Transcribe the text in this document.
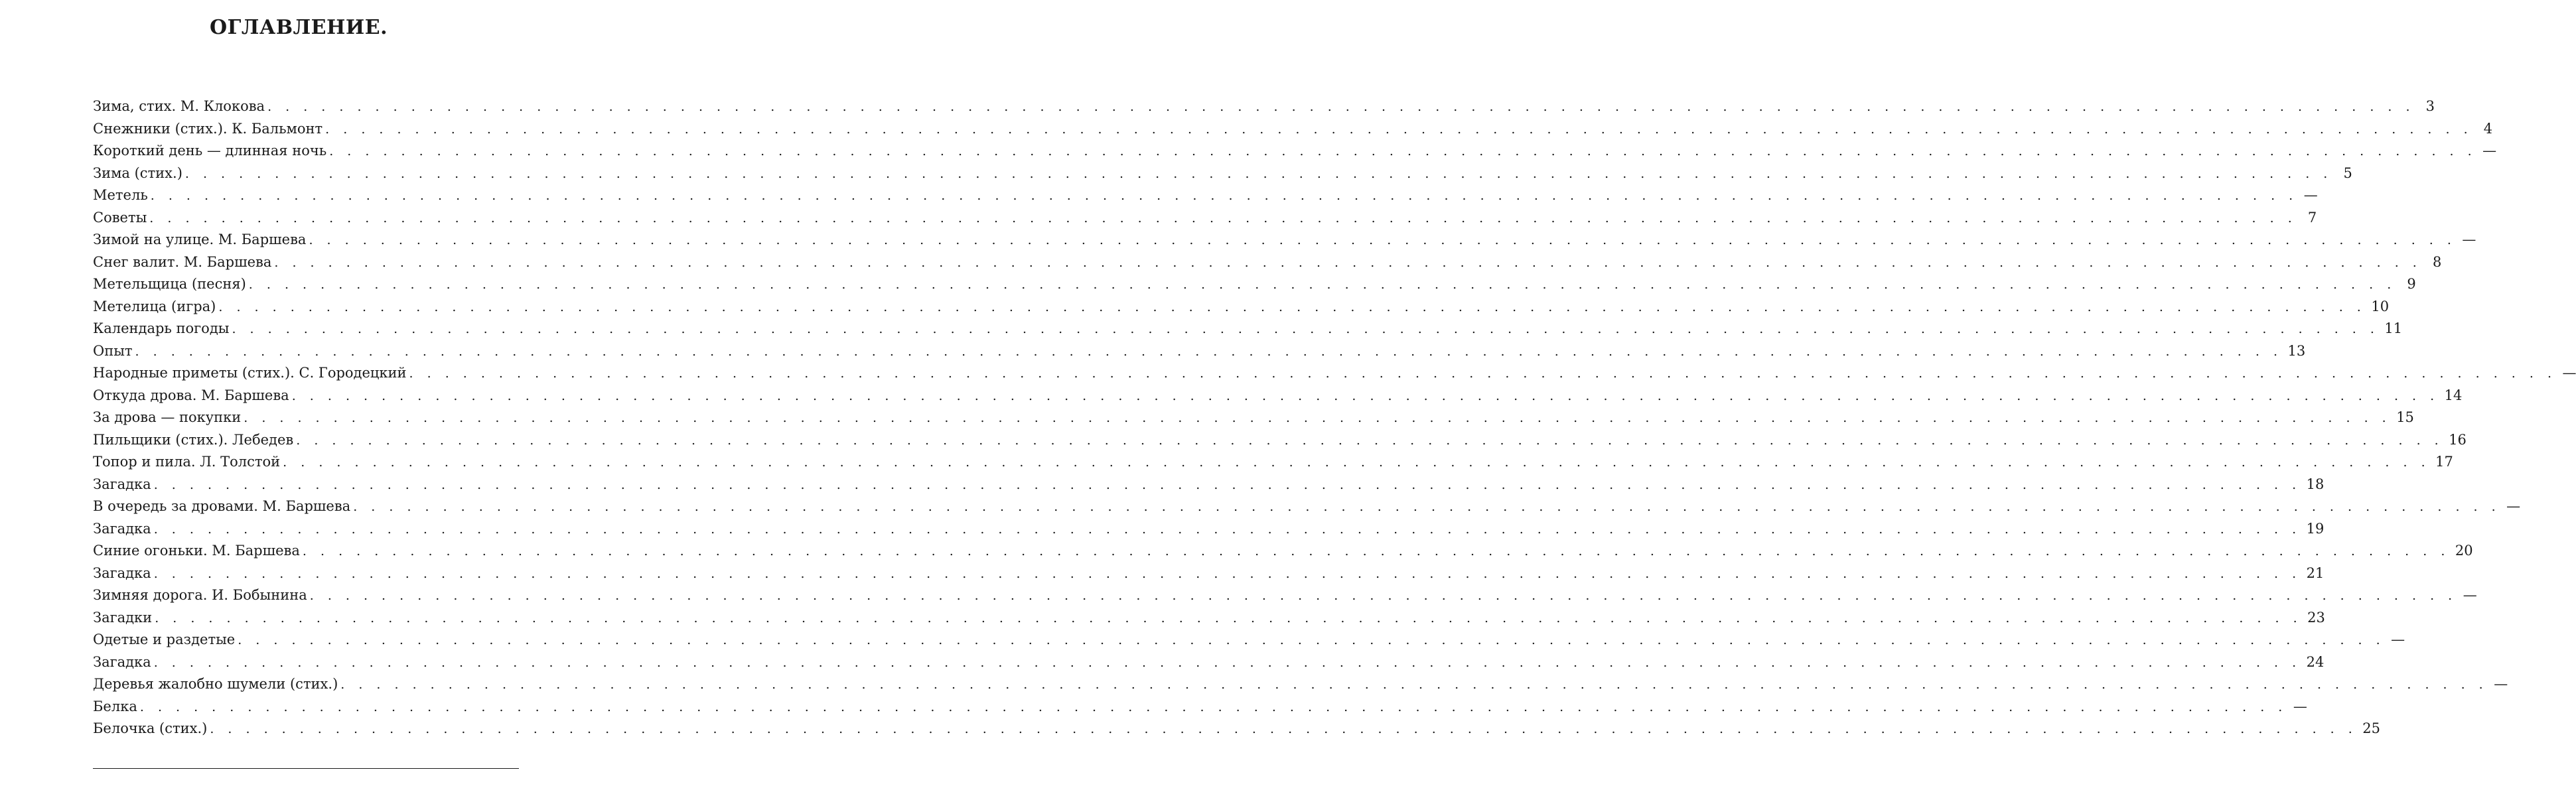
ОГЛАВЛЕНИЕ.
Зима, стих. М. Клокова . . . . . . . . . . . . . . . . . . . . . . . . . . . . . . . . . . . . . . . . . . . . . . . . . . . . . . . . . . . . . . . . . . . . . . . . . . . . . . . . . . . . . . . . . . . . . . . . . . . . . . . . . . . . . . . . . . . . . . . . 3
Снежники (стих.). К. Бальмонт . . . . . . . . . . . . . . . . . . . . . . . . . . . . . . . . . . . . . . . . . . . . . . . . . . . . . . . . . . . . . . . . . . . . . . . . . . . . . . . . . . . . . . . . . . . . . . . . . . . . . . . . . . . . . . . . . . . . . . . . 4
Короткий день — длинная ночь . . . . . . . . . . . . . . . . . . . . . . . . . . . . . . . . . . . . . . . . . . . . . . . . . . . . . . . . . . . . . . . . . . . . . . . . . . . . . . . . . . . . . . . . . . . . . . . . . . . . . . . . . . . . . . . . . . . . . . . . —
Зима (стих.) . . . . . . . . . . . . . . . . . . . . . . . . . . . . . . . . . . . . . . . . . . . . . . . . . . . . . . . . . . . . . . . . . . . . . . . . . . . . . . . . . . . . . . . . . . . . . . . . . . . . . . . . . . . . . . . . . . . . . . . . 5
Метель . . . . . . . . . . . . . . . . . . . . . . . . . . . . . . . . . . . . . . . . . . . . . . . . . . . . . . . . . . . . . . . . . . . . . . . . . . . . . . . . . . . . . . . . . . . . . . . . . . . . . . . . . . . . . . . . . . . . . . . . —
Советы . . . . . . . . . . . . . . . . . . . . . . . . . . . . . . . . . . . . . . . . . . . . . . . . . . . . . . . . . . . . . . . . . . . . . . . . . . . . . . . . . . . . . . . . . . . . . . . . . . . . . . . . . . . . . . . . . . . . . . . . 7
Зимой на улице. М. Баршева . . . . . . . . . . . . . . . . . . . . . . . . . . . . . . . . . . . . . . . . . . . . . . . . . . . . . . . . . . . . . . . . . . . . . . . . . . . . . . . . . . . . . . . . . . . . . . . . . . . . . . . . . . . . . . . . . . . . . . . . —
Снег валит. М. Баршева . . . . . . . . . . . . . . . . . . . . . . . . . . . . . . . . . . . . . . . . . . . . . . . . . . . . . . . . . . . . . . . . . . . . . . . . . . . . . . . . . . . . . . . . . . . . . . . . . . . . . . . . . . . . . . . . . . . . . . . . 8
Метельщица (песня) . . . . . . . . . . . . . . . . . . . . . . . . . . . . . . . . . . . . . . . . . . . . . . . . . . . . . . . . . . . . . . . . . . . . . . . . . . . . . . . . . . . . . . . . . . . . . . . . . . . . . . . . . . . . . . . . . . . . . . . . 9
Метелица (игра) . . . . . . . . . . . . . . . . . . . . . . . . . . . . . . . . . . . . . . . . . . . . . . . . . . . . . . . . . . . . . . . . . . . . . . . . . . . . . . . . . . . . . . . . . . . . . . . . . . . . . . . . . . . . . . . . . . . . . . . . 10
Календарь погоды . . . . . . . . . . . . . . . . . . . . . . . . . . . . . . . . . . . . . . . . . . . . . . . . . . . . . . . . . . . . . . . . . . . . . . . . . . . . . . . . . . . . . . . . . . . . . . . . . . . . . . . . . . . . . . . . . . . . . . . . 11
Опыт . . . . . . . . . . . . . . . . . . . . . . . . . . . . . . . . . . . . . . . . . . . . . . . . . . . . . . . . . . . . . . . . . . . . . . . . . . . . . . . . . . . . . . . . . . . . . . . . . . . . . . . . . . . . . . . . . . . . . . . . 13
Народные приметы (стих.). С. Городецкий . . . . . . . . . . . . . . . . . . . . . . . . . . . . . . . . . . . . . . . . . . . . . . . . . . . . . . . . . . . . . . . . . . . . . . . . . . . . . . . . . . . . . . . . . . . . . . . . . . . . . . . . . . . . . . . . . . . . . . . . —
Откуда дрова. М. Баршева . . . . . . . . . . . . . . . . . . . . . . . . . . . . . . . . . . . . . . . . . . . . . . . . . . . . . . . . . . . . . . . . . . . . . . . . . . . . . . . . . . . . . . . . . . . . . . . . . . . . . . . . . . . . . . . . . . . . . . . . 14
За дрова — покупки . . . . . . . . . . . . . . . . . . . . . . . . . . . . . . . . . . . . . . . . . . . . . . . . . . . . . . . . . . . . . . . . . . . . . . . . . . . . . . . . . . . . . . . . . . . . . . . . . . . . . . . . . . . . . . . . . . . . . . . . 15
Пильщики (стих.). Лебедев . . . . . . . . . . . . . . . . . . . . . . . . . . . . . . . . . . . . . . . . . . . . . . . . . . . . . . . . . . . . . . . . . . . . . . . . . . . . . . . . . . . . . . . . . . . . . . . . . . . . . . . . . . . . . . . . . . . . . . . . 16
Топор и пила. Л. Толстой . . . . . . . . . . . . . . . . . . . . . . . . . . . . . . . . . . . . . . . . . . . . . . . . . . . . . . . . . . . . . . . . . . . . . . . . . . . . . . . . . . . . . . . . . . . . . . . . . . . . . . . . . . . . . . . . . . . . . . . . 17
Загадка . . . . . . . . . . . . . . . . . . . . . . . . . . . . . . . . . . . . . . . . . . . . . . . . . . . . . . . . . . . . . . . . . . . . . . . . . . . . . . . . . . . . . . . . . . . . . . . . . . . . . . . . . . . . . . . . . . . . . . . . 18
В очередь за дровами. М. Баршева . . . . . . . . . . . . . . . . . . . . . . . . . . . . . . . . . . . . . . . . . . . . . . . . . . . . . . . . . . . . . . . . . . . . . . . . . . . . . . . . . . . . . . . . . . . . . . . . . . . . . . . . . . . . . . . . . . . . . . . . —
Загадка . . . . . . . . . . . . . . . . . . . . . . . . . . . . . . . . . . . . . . . . . . . . . . . . . . . . . . . . . . . . . . . . . . . . . . . . . . . . . . . . . . . . . . . . . . . . . . . . . . . . . . . . . . . . . . . . . . . . . . . . 19
Синие огоньки. М. Баршева . . . . . . . . . . . . . . . . . . . . . . . . . . . . . . . . . . . . . . . . . . . . . . . . . . . . . . . . . . . . . . . . . . . . . . . . . . . . . . . . . . . . . . . . . . . . . . . . . . . . . . . . . . . . . . . . . . . . . . . . 20
Загадка . . . . . . . . . . . . . . . . . . . . . . . . . . . . . . . . . . . . . . . . . . . . . . . . . . . . . . . . . . . . . . . . . . . . . . . . . . . . . . . . . . . . . . . . . . . . . . . . . . . . . . . . . . . . . . . . . . . . . . . . 21
Зимняя дорога. И. Бобынина . . . . . . . . . . . . . . . . . . . . . . . . . . . . . . . . . . . . . . . . . . . . . . . . . . . . . . . . . . . . . . . . . . . . . . . . . . . . . . . . . . . . . . . . . . . . . . . . . . . . . . . . . . . . . . . . . . . . . . . . —
Загадки . . . . . . . . . . . . . . . . . . . . . . . . . . . . . . . . . . . . . . . . . . . . . . . . . . . . . . . . . . . . . . . . . . . . . . . . . . . . . . . . . . . . . . . . . . . . . . . . . . . . . . . . . . . . . . . . . . . . . . . . 23
Одетые и раздетые . . . . . . . . . . . . . . . . . . . . . . . . . . . . . . . . . . . . . . . . . . . . . . . . . . . . . . . . . . . . . . . . . . . . . . . . . . . . . . . . . . . . . . . . . . . . . . . . . . . . . . . . . . . . . . . . . . . . . . . . —
Загадка . . . . . . . . . . . . . . . . . . . . . . . . . . . . . . . . . . . . . . . . . . . . . . . . . . . . . . . . . . . . . . . . . . . . . . . . . . . . . . . . . . . . . . . . . . . . . . . . . . . . . . . . . . . . . . . . . . . . . . . . 24
Деревья жалобно шумели (стих.) . . . . . . . . . . . . . . . . . . . . . . . . . . . . . . . . . . . . . . . . . . . . . . . . . . . . . . . . . . . . . . . . . . . . . . . . . . . . . . . . . . . . . . . . . . . . . . . . . . . . . . . . . . . . . . . . . . . . . . . . —
Белка . . . . . . . . . . . . . . . . . . . . . . . . . . . . . . . . . . . . . . . . . . . . . . . . . . . . . . . . . . . . . . . . . . . . . . . . . . . . . . . . . . . . . . . . . . . . . . . . . . . . . . . . . . . . . . . . . . . . . . . . —
Белочка (стих.) . . . . . . . . . . . . . . . . . . . . . . . . . . . . . . . . . . . . . . . . . . . . . . . . . . . . . . . . . . . . . . . . . . . . . . . . . . . . . . . . . . . . . . . . . . . . . . . . . . . . . . . . . . . . . . . . . . . . . . . . 25
